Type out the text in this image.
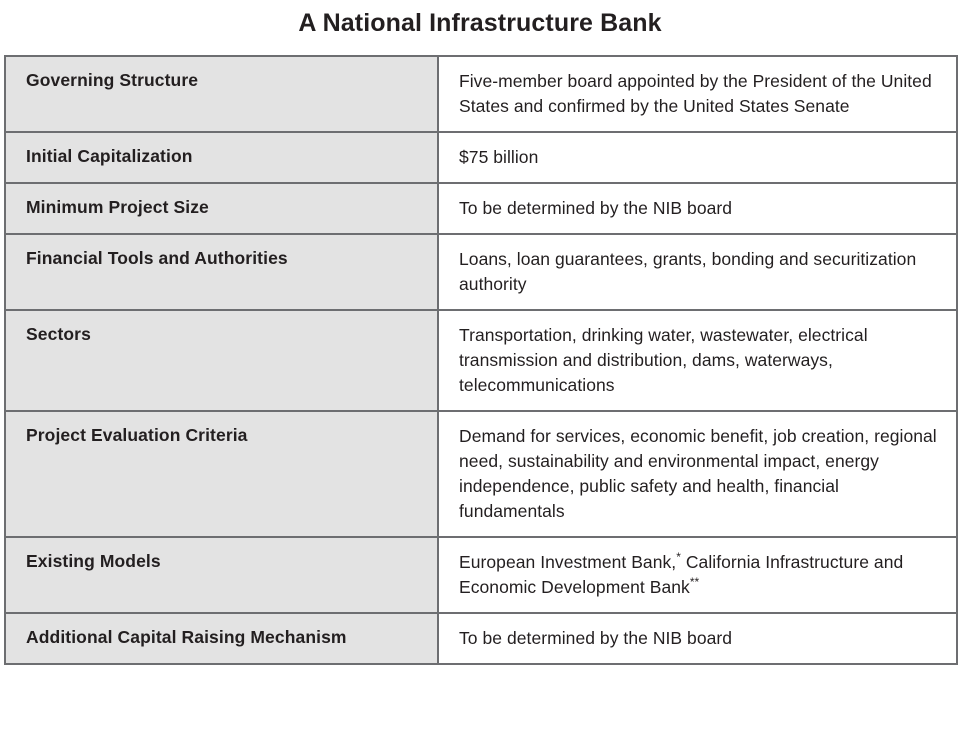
A National Infrastructure Bank
Governing Structure	Five-member board appointed by the President of the United States and confirmed by the United States Senate
Initial Capitalization	$75 billion
Minimum Project Size	To be determined by the NIB board
Financial Tools and Authorities	Loans, loan guarantees, grants, bonding and securitization authority
Sectors	Transportation, drinking water, wastewater, electrical transmission and distribution, dams, waterways, telecommunications
Project Evaluation Criteria	Demand for services, economic benefit, job creation, regional need, sustainability and environmental impact, energy independence, public safety and health, financial fundamentals
Existing Models	European Investment Bank,* California Infrastructure and Economic Development Bank**
Additional Capital Raising Mechanism	To be determined by the NIB board
